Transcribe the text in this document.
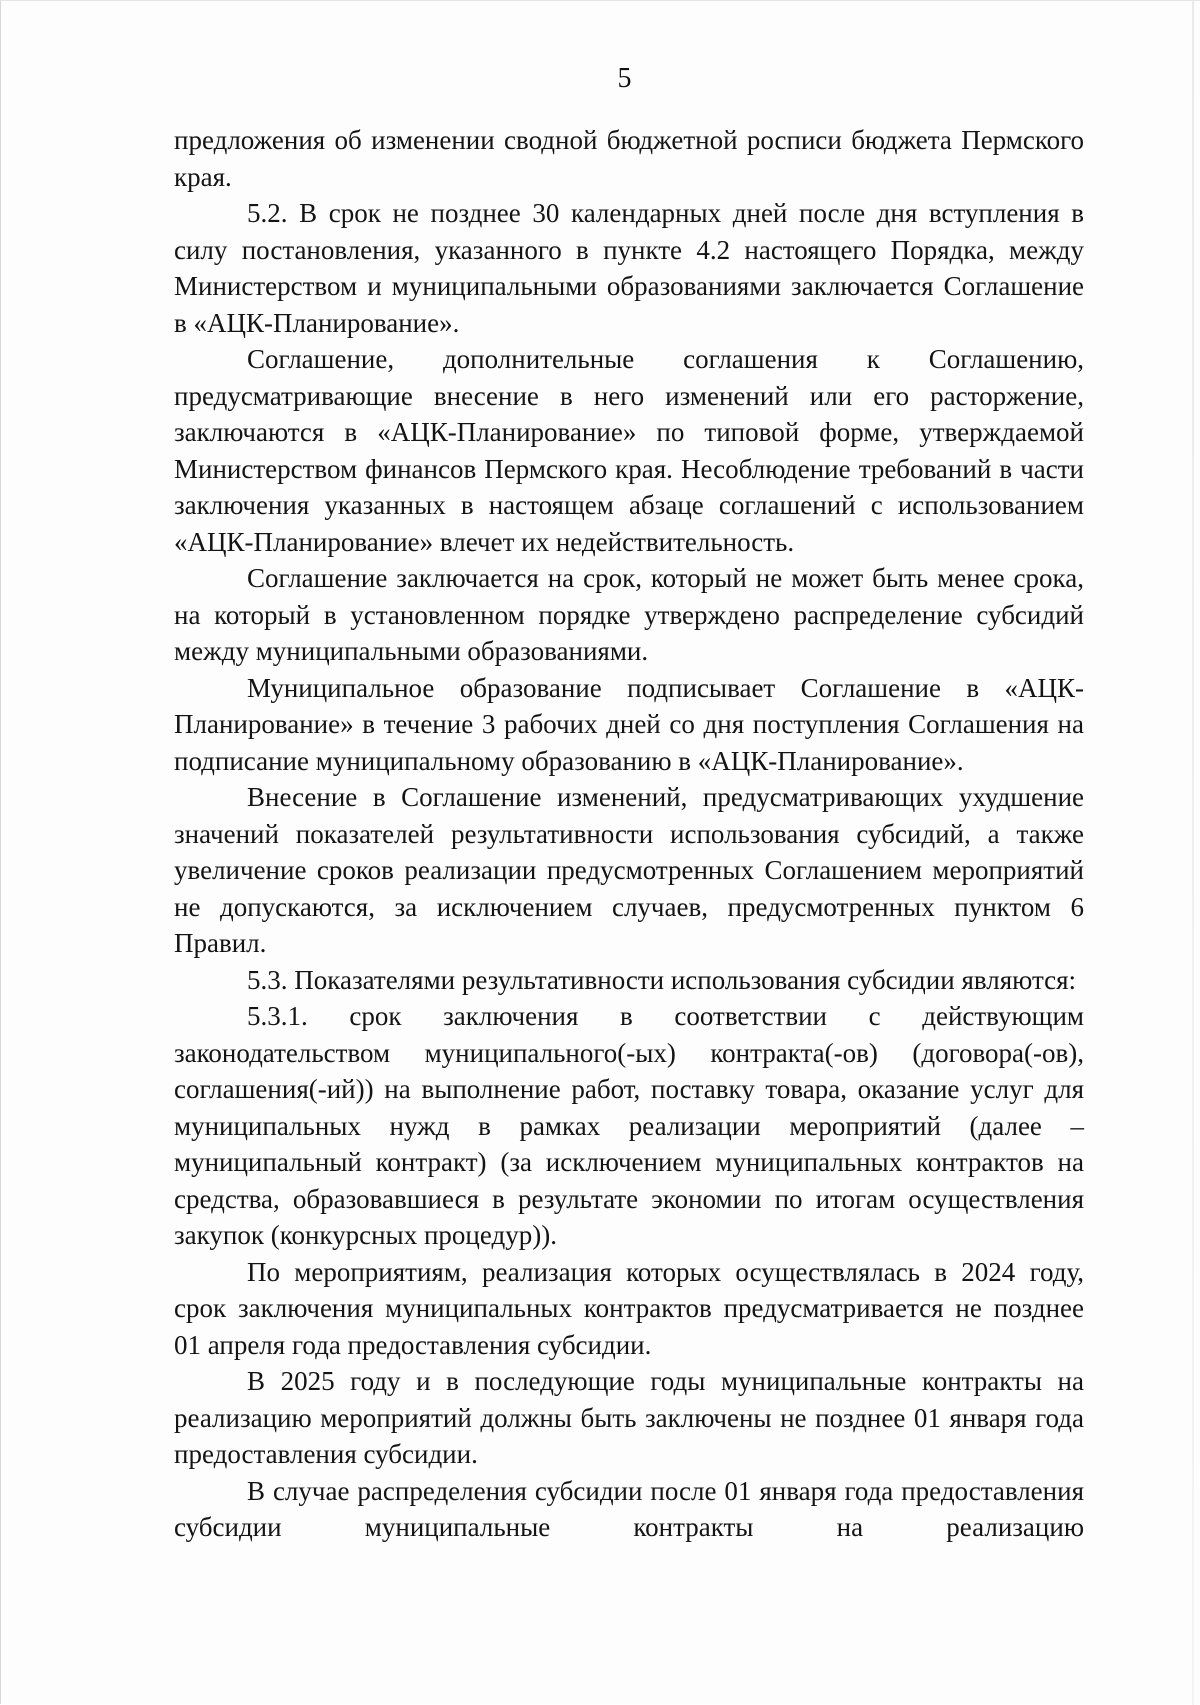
5

предложения об изменении сводной бюджетной росписи бюджета Пермского края.

5.2. В срок не позднее 30 календарных дней после дня вступления в силу постановления, указанного в пункте 4.2 настоящего Порядка, между Министерством и муниципальными образованиями заключается Соглашение в «АЦК-Планирование».

Соглашение, дополнительные соглашения к Соглашению, предусматривающие внесение в него изменений или его расторжение, заключаются в «АЦК-Планирование» по типовой форме, утверждаемой Министерством финансов Пермского края. Несоблюдение требований в части заключения указанных в настоящем абзаце соглашений с использованием «АЦК-Планирование» влечет их недействительность.

Соглашение заключается на срок, который не может быть менее срока, на который в установленном порядке утверждено распределение субсидий между муниципальными образованиями.

Муниципальное образование подписывает Соглашение в «АЦК-Планирование» в течение 3 рабочих дней со дня поступления Соглашения на подписание муниципальному образованию в «АЦК-Планирование».

Внесение в Соглашение изменений, предусматривающих ухудшение значений показателей результативности использования субсидий, а также увеличение сроков реализации предусмотренных Соглашением мероприятий не допускаются, за исключением случаев, предусмотренных пунктом 6 Правил.

5.3. Показателями результативности использования субсидии являются:

5.3.1. срок заключения в соответствии с действующим законодательством муниципального(-ых) контракта(-ов) (договора(-ов), соглашения(-ий)) на выполнение работ, поставку товара, оказание услуг для муниципальных нужд в рамках реализации мероприятий (далее – муниципальный контракт) (за исключением муниципальных контрактов на средства, образовавшиеся в результате экономии по итогам осуществления закупок (конкурсных процедур)).

По мероприятиям, реализация которых осуществлялась в 2024 году, срок заключения муниципальных контрактов предусматривается не позднее 01 апреля года предоставления субсидии.

В 2025 году и в последующие годы муниципальные контракты на реализацию мероприятий должны быть заключены не позднее 01 января года предоставления субсидии.

В случае распределения субсидии после 01 января года предоставления субсидии муниципальные контракты на реализацию
